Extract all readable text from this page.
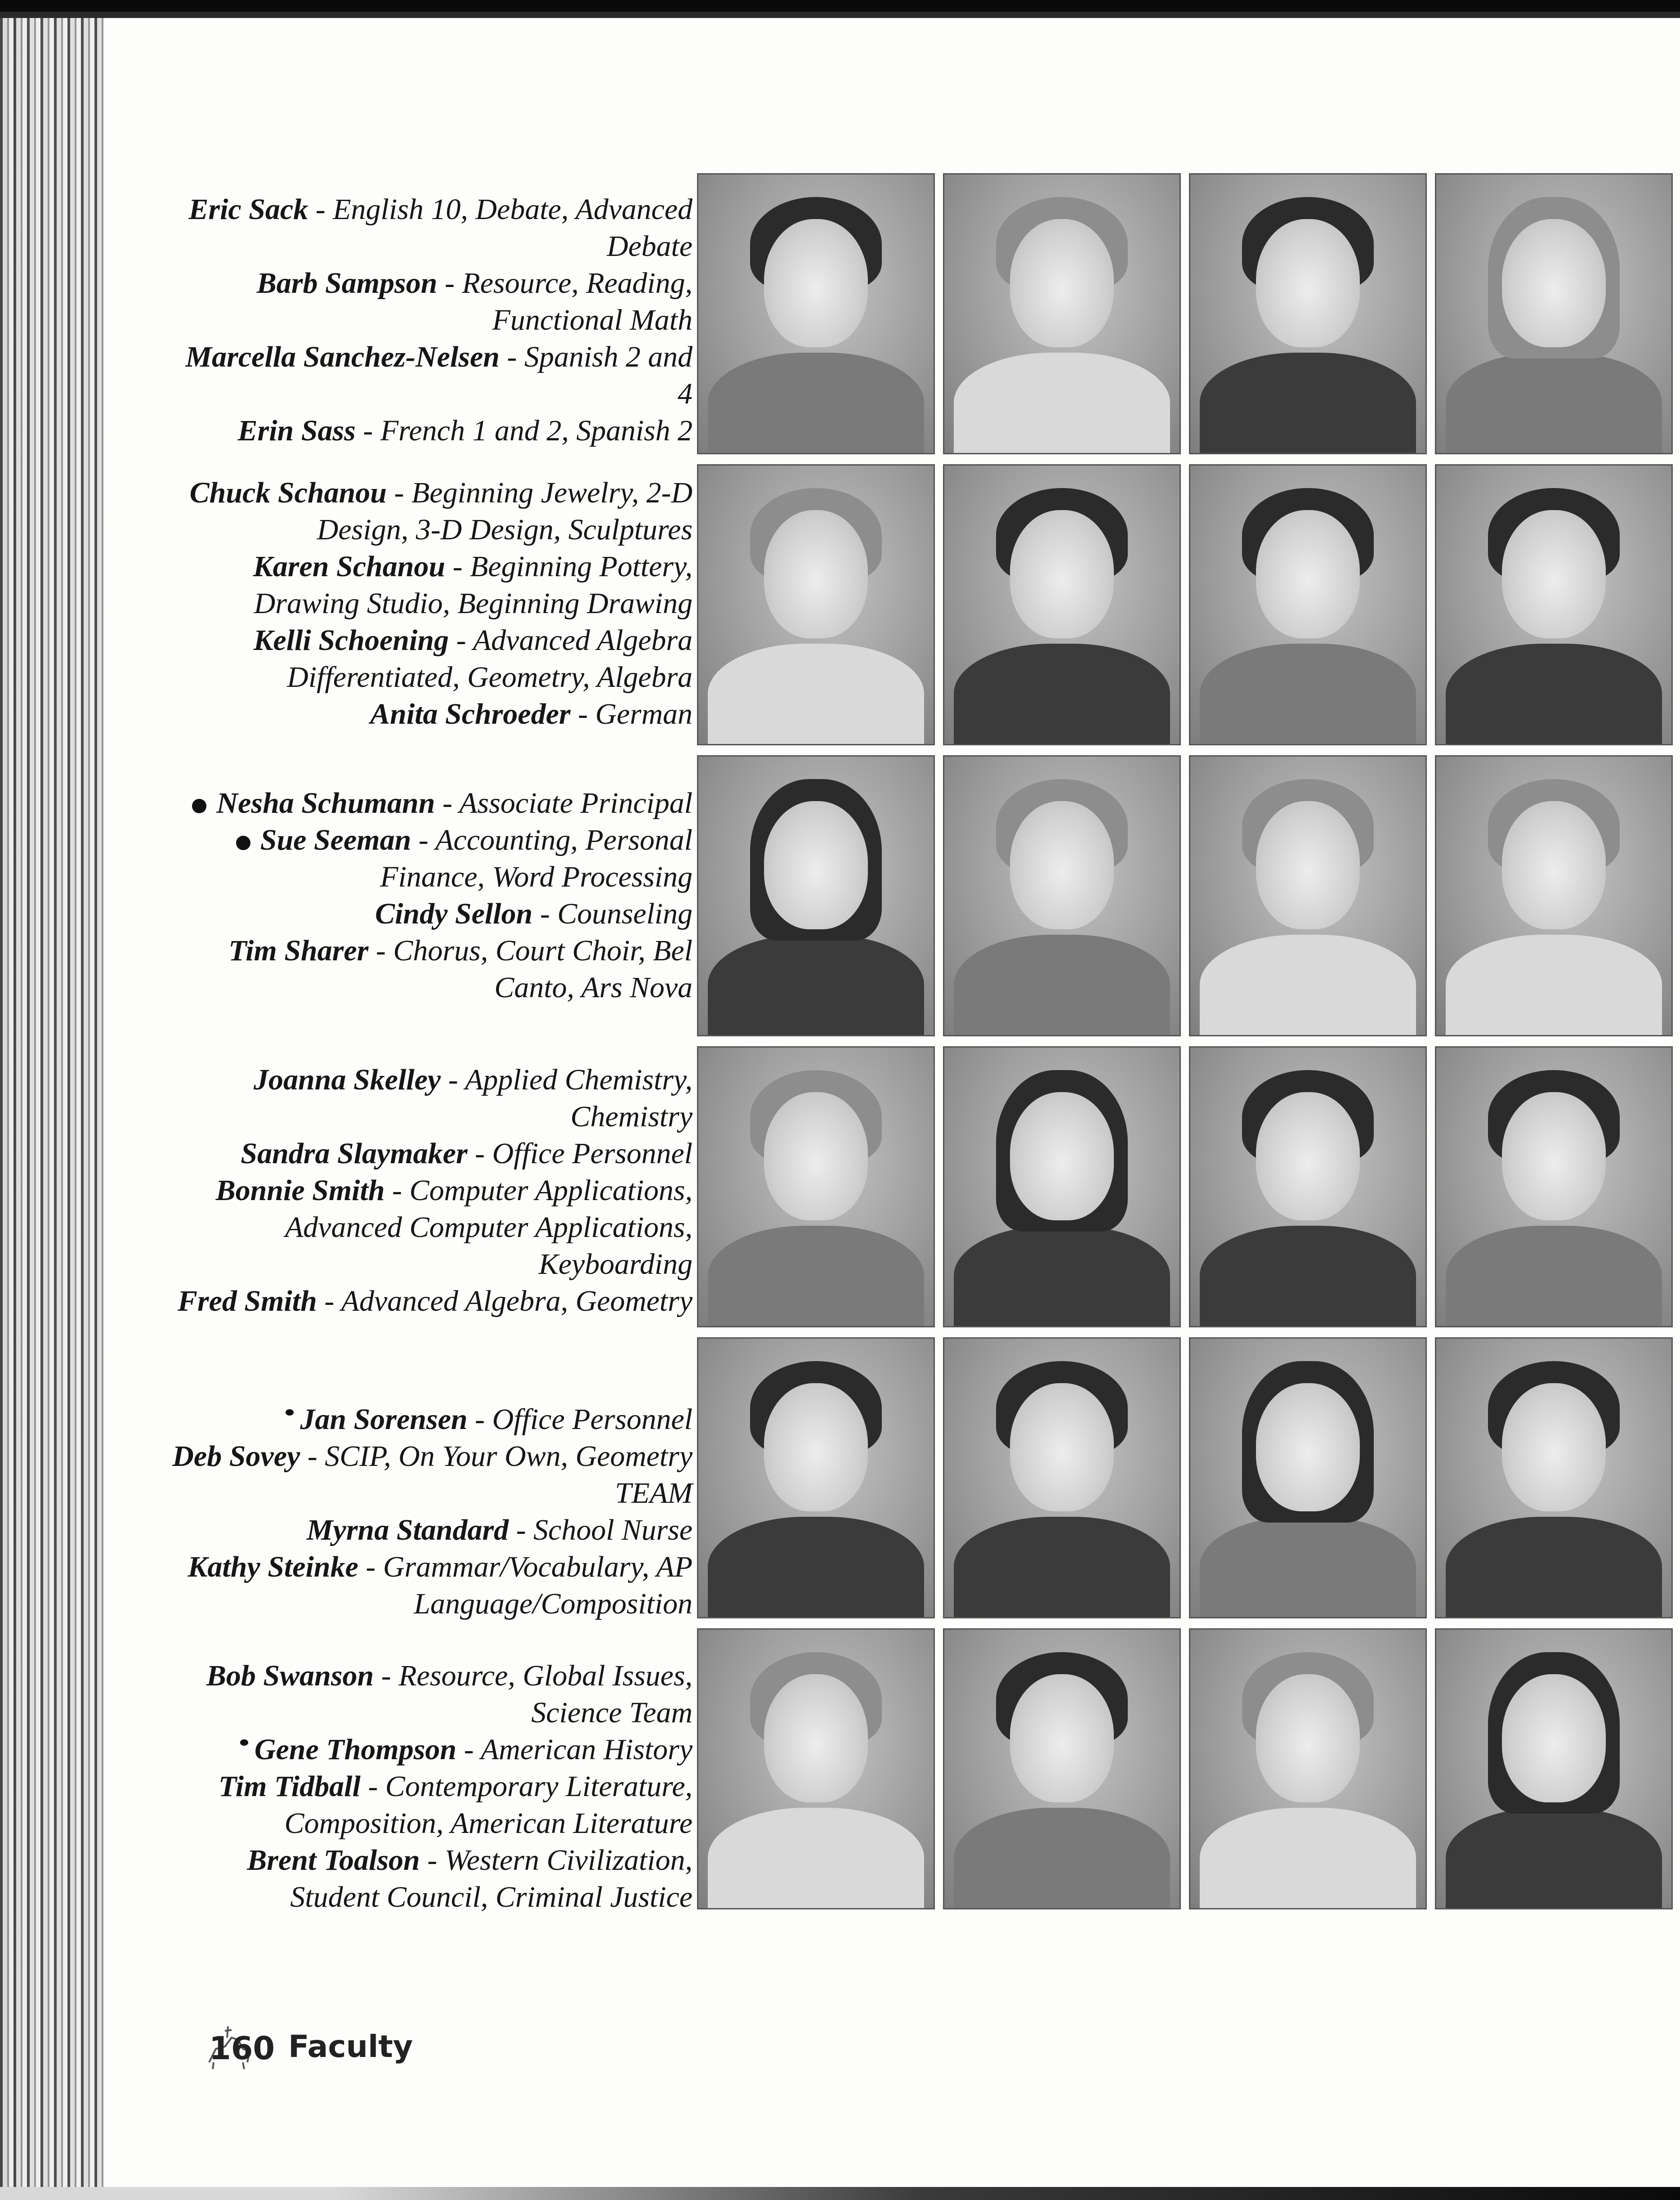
Eric Sack - English 10, Debate, Advanced Debate
Barb Sampson - Resource, Reading, Functional Math
Marcella Sanchez-Nelsen - Spanish 2 and 4
Erin Sass - French 1 and 2, Spanish 2
Chuck Schanou - Beginning Jewelry, 2-D Design, 3-D Design, Sculptures
Karen Schanou - Beginning Pottery, Drawing Studio, Beginning Drawing
Kelli Schoening - Advanced Algebra Differentiated, Geometry, Algebra
Anita Schroeder - German
Nesha Schumann - Associate Principal
Sue Seeman - Accounting, Personal Finance, Word Processing
Cindy Sellon - Counseling
Tim Sharer - Chorus, Court Choir, Bel Canto, Ars Nova
Joanna Skelley - Applied Chemistry, Chemistry
Sandra Slaymaker - Office Personnel
Bonnie Smith - Computer Applications, Advanced Computer Applications, Keyboarding
Fred Smith - Advanced Algebra, Geometry
Jan Sorensen - Office Personnel
Deb Sovey - SCIP, On Your Own, Geometry TEAM
Myrna Standard - School Nurse
Kathy Steinke - Grammar/Vocabulary, AP Language/Composition
Bob Swanson - Resource, Global Issues, Science Team
Gene Thompson - American History
Tim Tidball - Contemporary Literature, Composition, American Literature
Brent Toalson - Western Civilization, Student Council, Criminal Justice
160 Faculty
